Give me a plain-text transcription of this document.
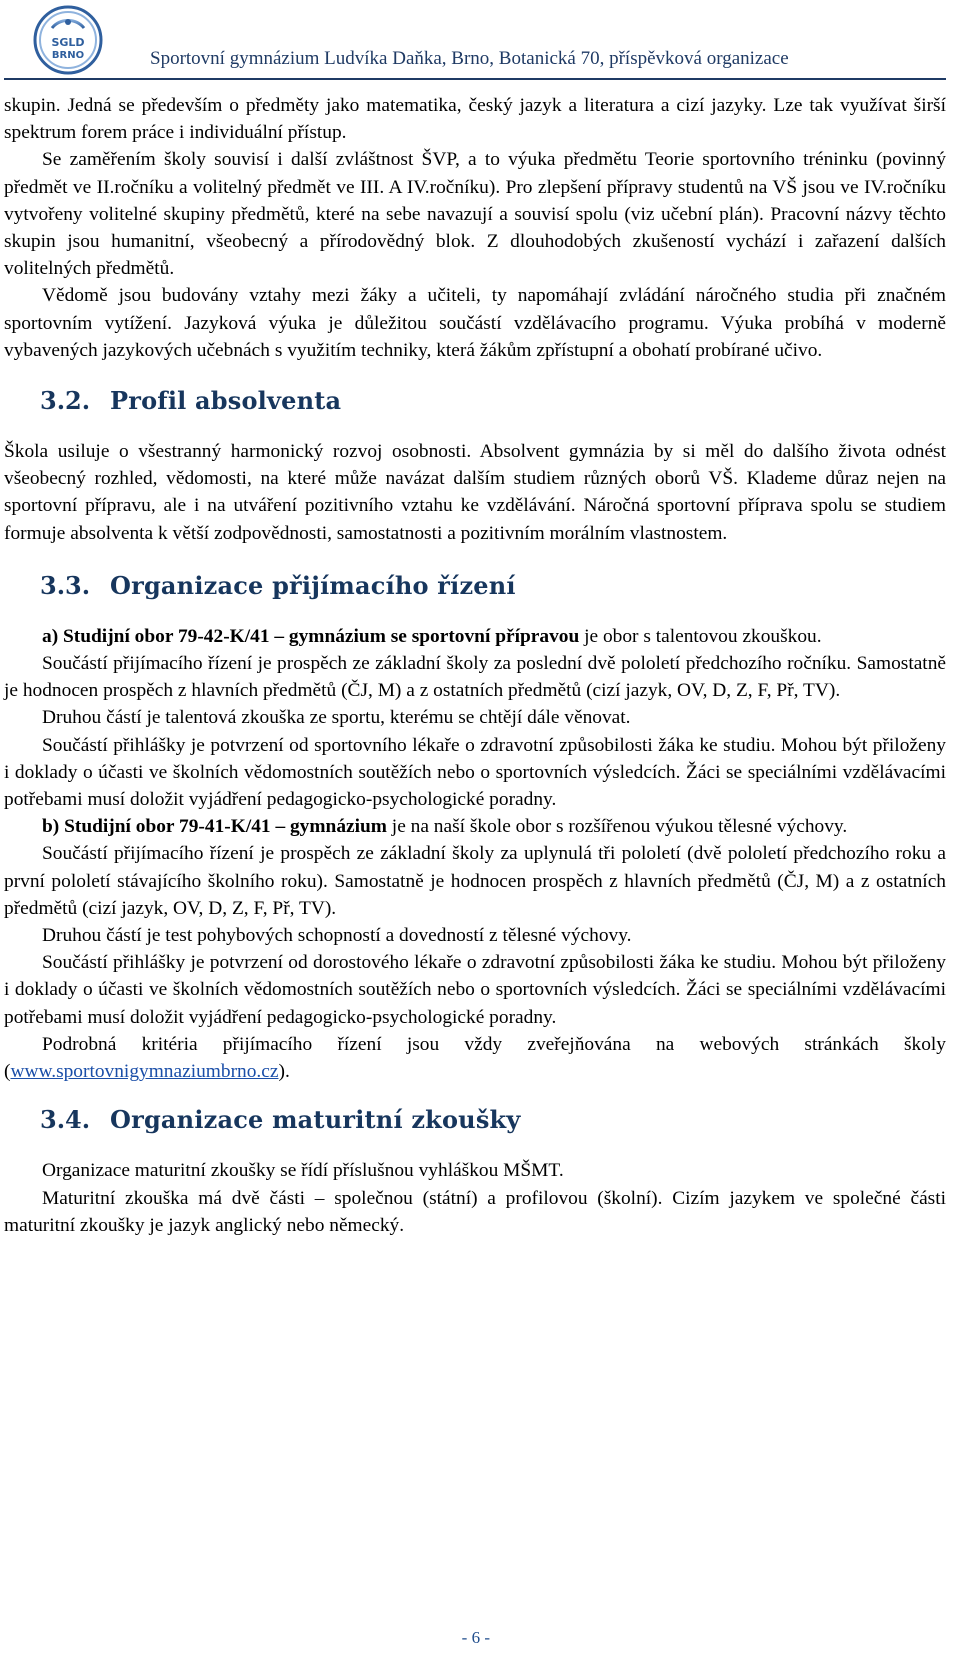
SGLD
BRNO	Sportovní gymnázium Ludvíka Daňka, Brno, Botanická 70, příspěvková organizace

skupin. Jedná se především o předměty jako matematika, český jazyk a literatura a cizí jazyky. Lze tak využívat širší spektrum forem práce i individuální přístup.

Se zaměřením školy souvisí i další zvláštnost ŠVP, a to výuka předmětu Teorie sportovního tréninku (povinný předmět ve II.ročníku a volitelný předmět ve III. A IV.ročníku). Pro zlepšení přípravy studentů na VŠ jsou ve IV.ročníku vytvořeny volitelné skupiny předmětů, které na sebe navazují a souvisí spolu (viz učební plán). Pracovní názvy těchto skupin jsou humanitní, všeobecný a přírodovědný blok. Z dlouhodobých zkušeností vychází i zařazení dalších volitelných předmětů.

Vědomě jsou budovány vztahy mezi žáky a učiteli, ty napomáhají zvládání náročného studia při značném sportovním vytížení. Jazyková výuka je důležitou součástí vzdělávacího programu. Výuka probíhá v moderně vybavených jazykových učebnách s využitím techniky, která žákům zpřístupní a obohatí probírané učivo.

3.2. Profil absolventa

Škola usiluje o všestranný harmonický rozvoj osobnosti. Absolvent gymnázia by si měl do dalšího života odnést všeobecný rozhled, vědomosti, na které může navázat dalším studiem různých oborů VŠ. Klademe důraz nejen na sportovní přípravu, ale i na utváření pozitivního vztahu ke vzdělávání. Náročná sportovní příprava spolu se studiem formuje absolventa k větší zodpovědnosti, samostatnosti a pozitivním morálním vlastnostem.

3.3. Organizace přijímacího řízení

a) Studijní obor 79-42-K/41 – gymnázium se sportovní přípravou je obor s talentovou zkouškou.

Součástí přijímacího řízení je prospěch ze základní školy za poslední dvě pololetí předchozího ročníku. Samostatně je hodnocen prospěch z hlavních předmětů (ČJ, M) a z ostatních předmětů (cizí jazyk, OV, D, Z, F, Př, TV).

Druhou částí je talentová zkouška ze sportu, kterému se chtějí dále věnovat.

Součástí přihlášky je potvrzení od sportovního lékaře o zdravotní způsobilosti žáka ke studiu. Mohou být přiloženy i doklady o účasti ve školních vědomostních soutěžích nebo o sportovních výsledcích. Žáci se speciálními vzdělávacími potřebami musí doložit vyjádření pedagogicko-psychologické poradny.

b) Studijní obor 79-41-K/41 – gymnázium je na naší škole obor s rozšířenou výukou tělesné výchovy.

Součástí přijímacího řízení je prospěch ze základní školy za uplynulá tři pololetí (dvě pololetí předchozího roku a první pololetí stávajícího školního roku). Samostatně je hodnocen prospěch z hlavních předmětů (ČJ, M) a z ostatních předmětů (cizí jazyk, OV, D, Z, F, Př, TV).

Druhou částí je test pohybových schopností a dovedností z tělesné výchovy.

Součástí přihlášky je potvrzení od dorostového lékaře o zdravotní způsobilosti žáka ke studiu. Mohou být přiloženy i doklady o účasti ve školních vědomostních soutěžích nebo o sportovních výsledcích. Žáci se speciálními vzdělávacími potřebami musí doložit vyjádření pedagogicko-psychologické poradny.

Podrobná kritéria přijímacího řízení jsou vždy zveřejňována na webových stránkách školy (www.sportovnigymnaziumbrno.cz).

3.4. Organizace maturitní zkoušky

Organizace maturitní zkoušky se řídí příslušnou vyhláškou MŠMT.

Maturitní zkouška má dvě části – společnou (státní) a profilovou (školní). Cizím jazykem ve společné části maturitní zkoušky je jazyk anglický nebo německý.

- 6 -
